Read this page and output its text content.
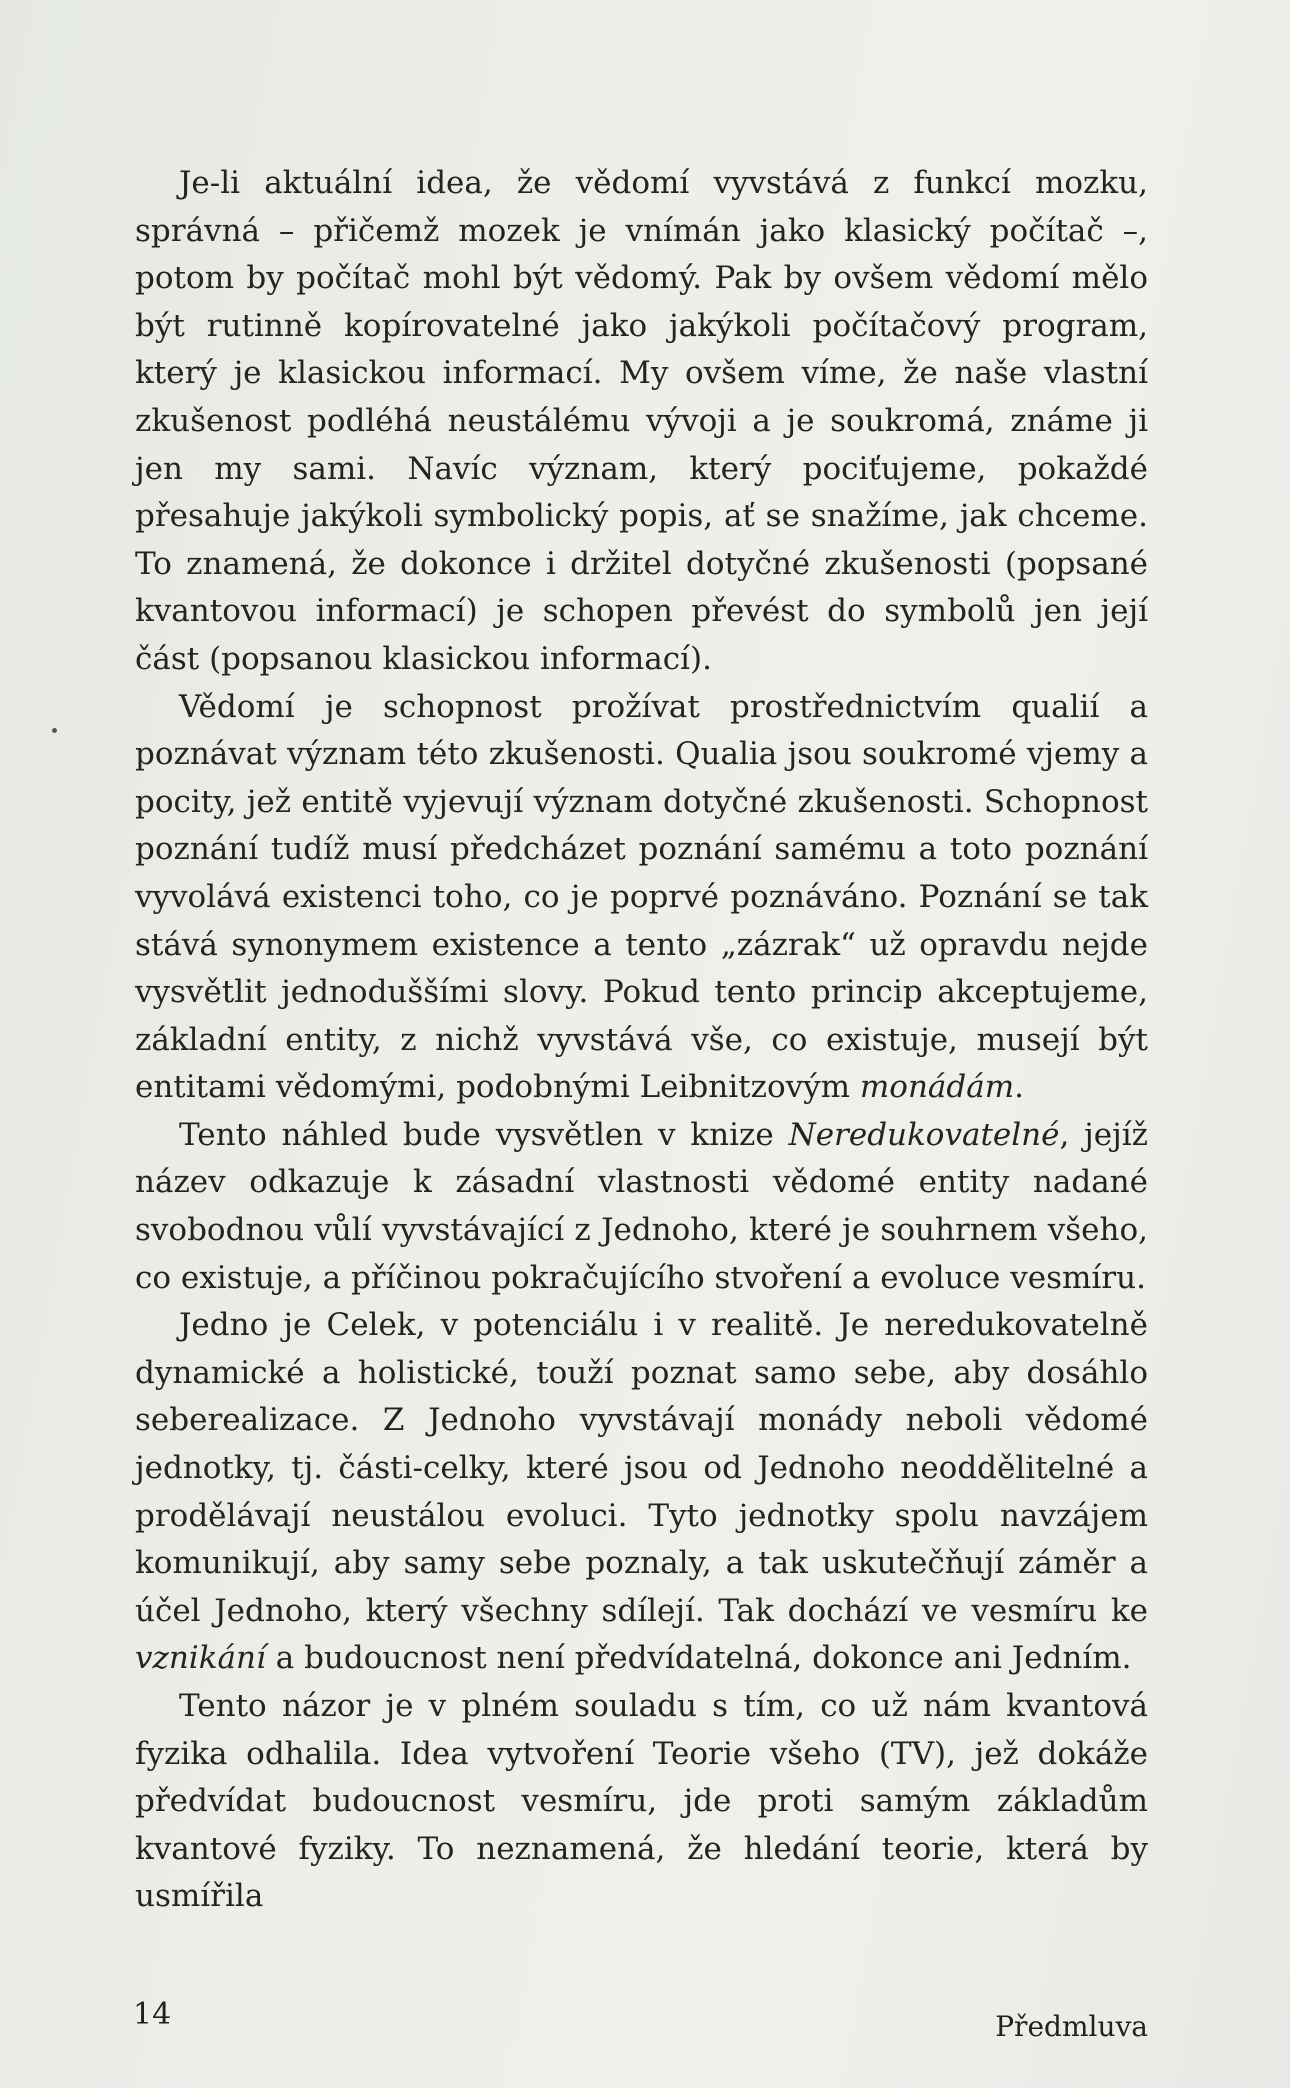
Je-li aktuální idea, že vědomí vyvstává z funkcí mozku, správná – přičemž mozek je vnímán jako klasický počítač –, potom by počítač mohl být vědomý. Pak by ovšem vědomí mělo být rutinně kopírovatelné jako jakýkoli počítačový program, který je klasickou informací. My ovšem víme, že naše vlastní zkušenost podléhá neustálému vývoji a je soukromá, známe ji jen my sami. Navíc význam, který pociťujeme, pokaždé přesahuje jakýkoli symbolický popis, ať se snažíme, jak chceme. To znamená, že dokonce i držitel dotyčné zkušenosti (popsané kvantovou informací) je schopen převést do symbolů jen její část (popsanou klasickou informací).

Vědomí je schopnost prožívat prostřednictvím qualií a poznávat význam této zkušenosti. Qualia jsou soukromé vjemy a pocity, jež entitě vyjevují význam dotyčné zkušenosti. Schopnost poznání tudíž musí předcházet poznání samému a toto poznání vyvolává existenci toho, co je poprvé poznáváno. Poznání se tak stává synonymem existence a tento „zázrak“ už opravdu nejde vysvětlit jednoduššími slovy. Pokud tento princip akceptujeme, základní entity, z nichž vyvstává vše, co existuje, musejí být entitami vědomými, podobnými Leibnitzovým monádám.

Tento náhled bude vysvětlen v knize Neredukovatelné, jejíž název odkazuje k zásadní vlastnosti vědomé entity nadané svobodnou vůlí vyvstávající z Jednoho, které je souhrnem všeho, co existuje, a příčinou pokračujícího stvoření a evoluce vesmíru.

Jedno je Celek, v potenciálu i v realitě. Je neredukovatelně dynamické a holistické, touží poznat samo sebe, aby dosáhlo seberealizace. Z Jednoho vyvstávají monády neboli vědomé jednotky, tj. části-celky, které jsou od Jednoho neoddělitelné a prodělávají neustálou evoluci. Tyto jednotky spolu navzájem komunikují, aby samy sebe poznaly, a tak uskutečňují záměr a účel Jednoho, který všechny sdílejí. Tak dochází ve vesmíru ke vznikání a budoucnost není předvídatelná, dokonce ani Jedním.

Tento názor je v plném souladu s tím, co už nám kvantová fyzika odhalila. Idea vytvoření Teorie všeho (TV), jež dokáže předvídat budoucnost vesmíru, jde proti samým základům kvantové fyziky. To neznamená, že hledání teorie, která by usmířila

14	Předmluva
